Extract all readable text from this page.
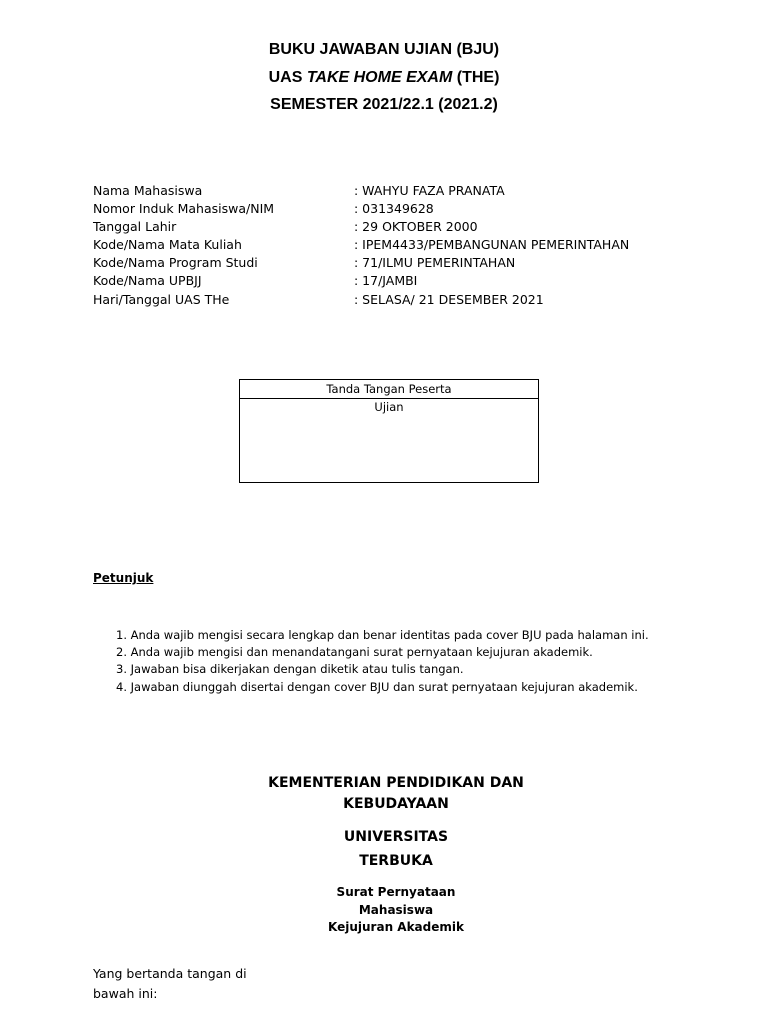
BUKU JAWABAN UJIAN (BJU)
UAS TAKE HOME EXAM (THE)
SEMESTER 2021/22.1 (2021.2)
Nama Mahasiswa	: WAHYU FAZA PRANATA
Nomor Induk Mahasiswa/NIM	: 031349628
Tanggal Lahir	: 29 OKTOBER 2000
Kode/Nama Mata Kuliah	: IPEM4433/PEMBANGUNAN PEMERINTAHAN
Kode/Nama Program Studi	: 71/ILMU PEMERINTAHAN
Kode/Nama UPBJJ	: 17/JAMBI
Hari/Tanggal UAS THe	: SELASA/ 21 DESEMBER 2021
Tanda Tangan Peserta
Ujian
Petunjuk
1. Anda wajib mengisi secara lengkap dan benar identitas pada cover BJU pada halaman ini.
2. Anda wajib mengisi dan menandatangani surat pernyataan kejujuran akademik.
3. Jawaban bisa dikerjakan dengan diketik atau tulis tangan.
4. Jawaban diunggah disertai dengan cover BJU dan surat pernyataan kejujuran akademik.
KEMENTERIAN PENDIDIKAN DAN
KEBUDAYAAN
UNIVERSITAS
TERBUKA
Surat Pernyataan
Mahasiswa
Kejujuran Akademik
Yang bertanda tangan di
bawah ini:
